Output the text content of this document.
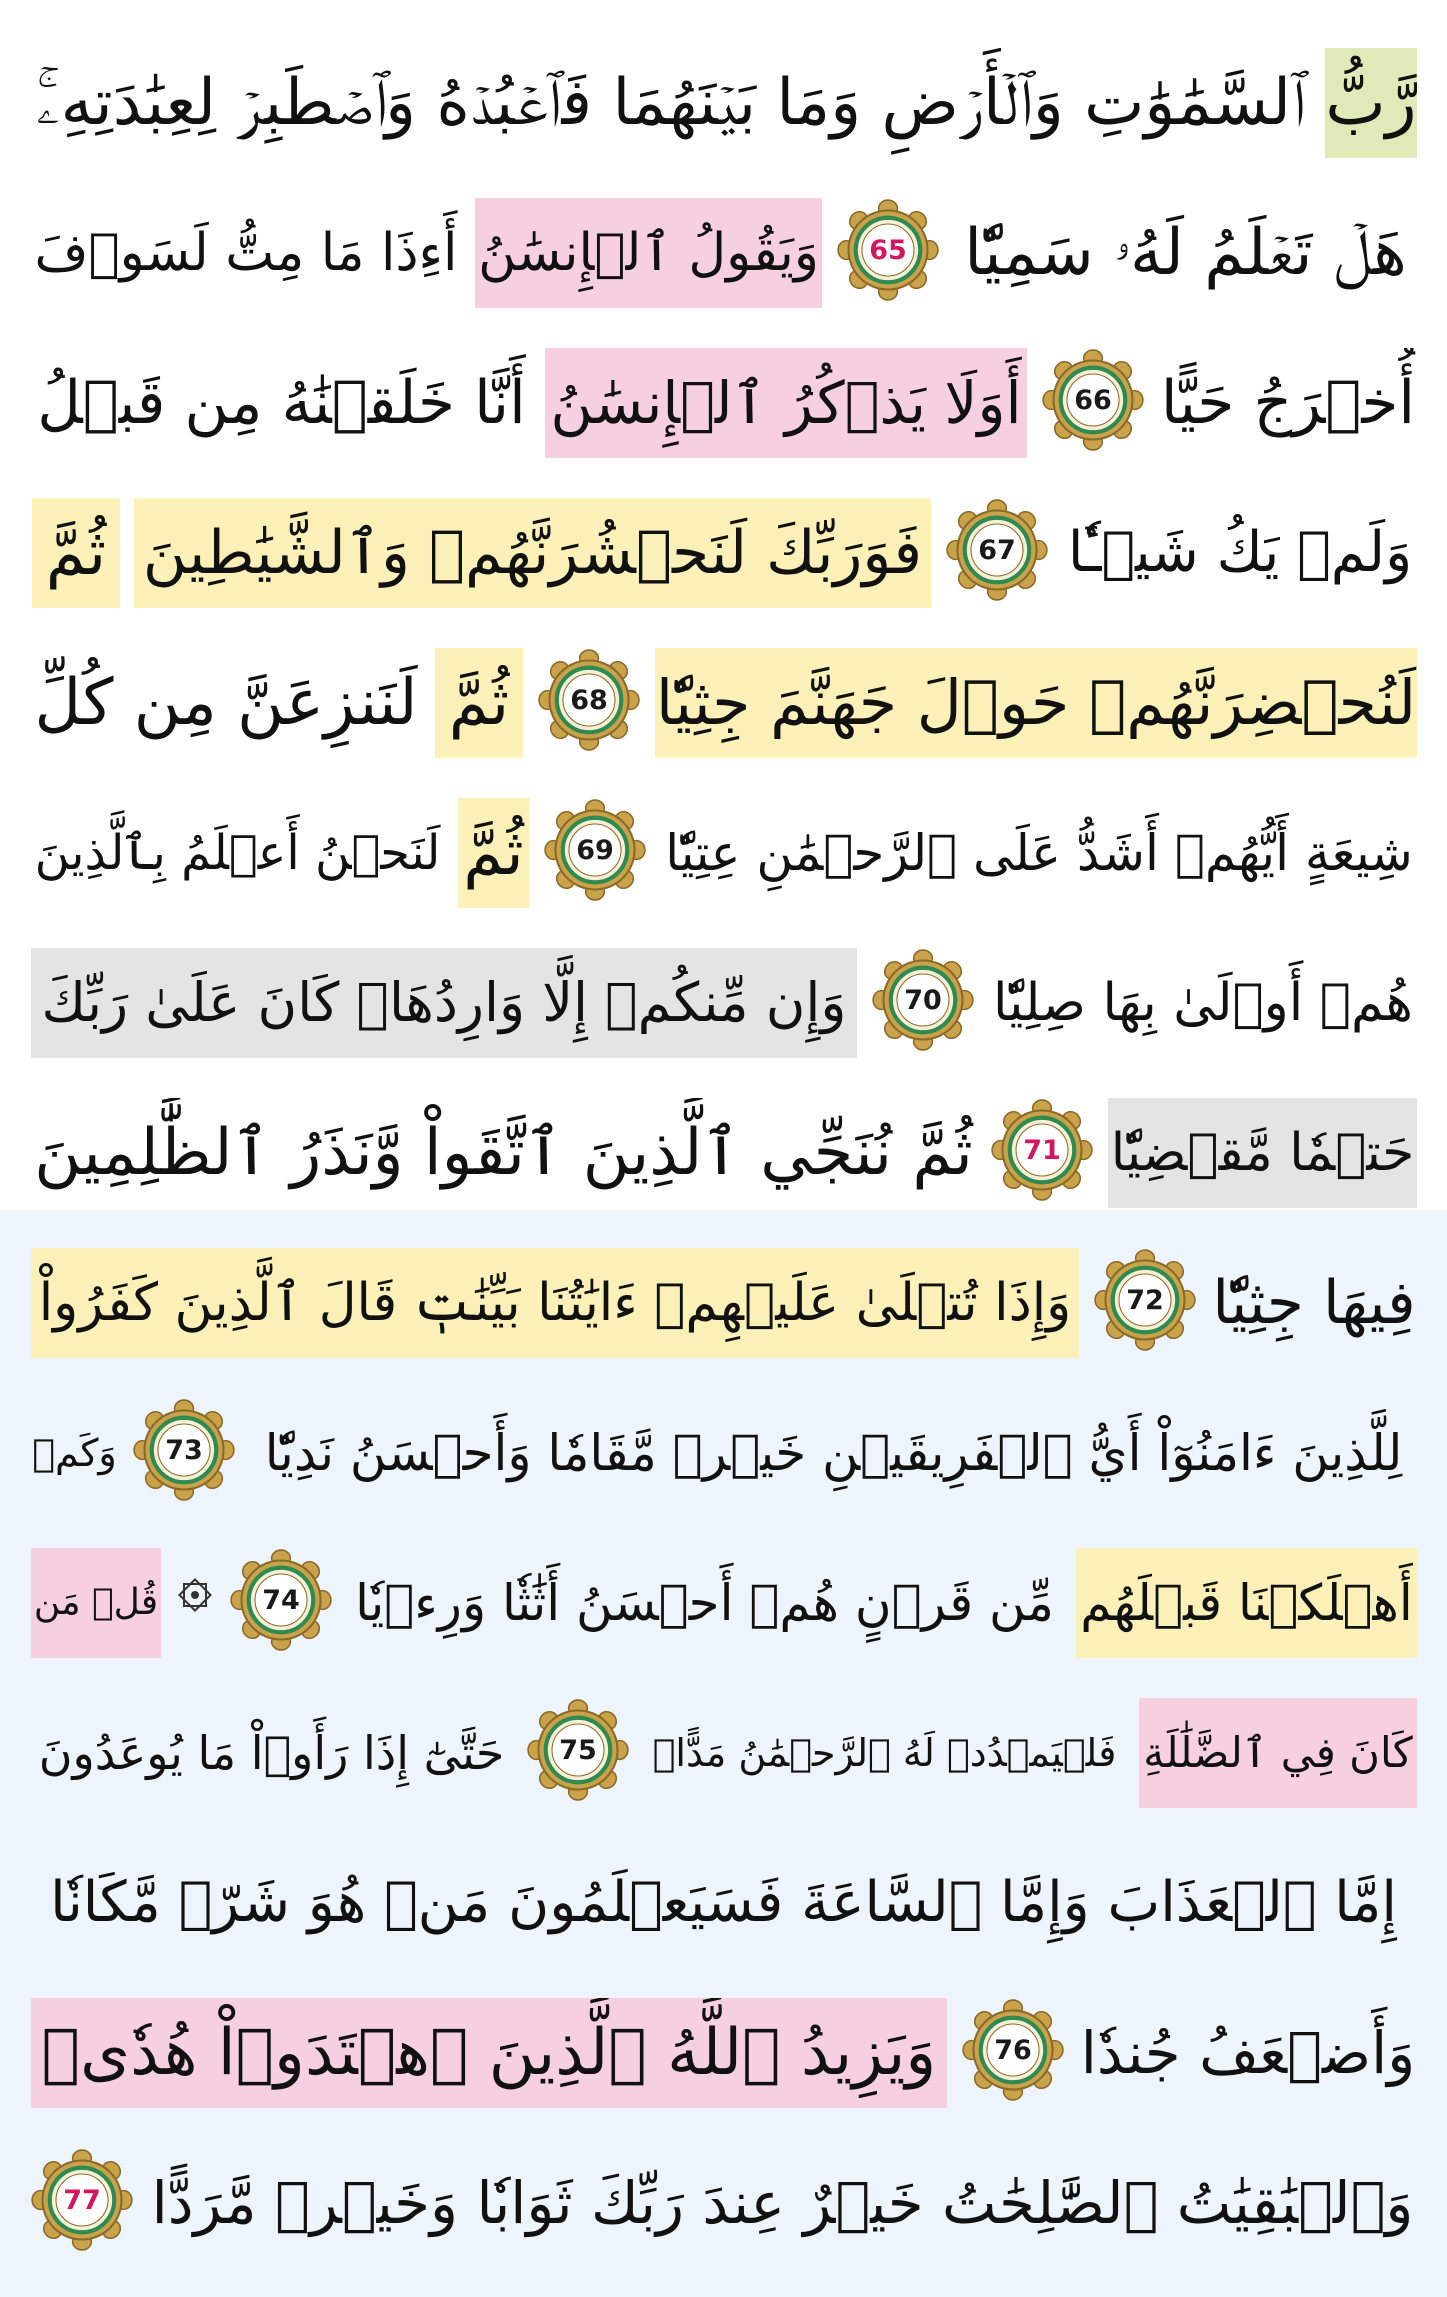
رَّبُّ
ٱلسَّمَٰوَٰتِ وَٱلۡأَرۡضِ وَمَا بَيۡنَهُمَا فَٱعۡبُدۡهُ وَٱصۡطَبِرۡ لِعِبَٰدَتِهِۦۚ
هَلۡ تَعۡلَمُ لَهُۥ سَمِيّٗا
65
وَيَقُولُ ٱلۡإِنسَٰنُ
أَءِذَا مَا مِتُّ لَسَوۡفَ
أُخۡرَجُ حَيًّا
66
أَوَلَا يَذۡكُرُ ٱلۡإِنسَٰنُ
أَنَّا خَلَقۡنَٰهُ مِن قَبۡلُ
وَلَمۡ يَكُ شَيۡـٔٗا
67
فَوَرَبِّكَ لَنَحۡشُرَنَّهُمۡ وَٱلشَّيَٰطِينَ
ثُمَّ
لَنُحۡضِرَنَّهُمۡ حَوۡلَ جَهَنَّمَ جِثِيّٗا
68
ثُمَّ
لَنَنزِعَنَّ مِن كُلِّ
شِيعَةٍ أَيُّهُمۡ أَشَدُّ عَلَى ٱلرَّحۡمَٰنِ عِتِيّٗا
69
ثُمَّ
لَنَحۡنُ أَعۡلَمُ بِٱلَّذِينَ
هُمۡ أَوۡلَىٰ بِهَا صِلِيّٗا
70
وَإِن مِّنكُمۡ إِلَّا وَارِدُهَاۚ كَانَ عَلَىٰ رَبِّكَ
حَتۡمٗا مَّقۡضِيّٗا
71
ثُمَّ نُنَجِّي ٱلَّذِينَ ٱتَّقَواْ وَّنَذَرُ ٱلظَّٰلِمِينَ
فِيهَا جِثِيّٗا
72
وَإِذَا تُتۡلَىٰ عَلَيۡهِمۡ ءَايَٰتُنَا بَيِّنَٰتٖ قَالَ ٱلَّذِينَ كَفَرُواْ
لِلَّذِينَ ءَامَنُوٓاْ أَيُّ ٱلۡفَرِيقَيۡنِ خَيۡرٞ مَّقَامٗا وَأَحۡسَنُ نَدِيّٗا
73
وَكَمۡ
أَهۡلَكۡنَا قَبۡلَهُم
مِّن قَرۡنٍ هُمۡ أَحۡسَنُ أَثَٰثٗا وَرِءۡيٗا
74
قُلۡ مَن
كَانَ فِي ٱلضَّلَٰلَةِ
فَلۡيَمۡدُدۡ لَهُ ٱلرَّحۡمَٰنُ مَدًّاۚ
75
حَتَّىٰٓ إِذَا رَأَوۡاْ مَا يُوعَدُونَ
إِمَّا ٱلۡعَذَابَ وَإِمَّا ٱلسَّاعَةَ فَسَيَعۡلَمُونَ مَنۡ هُوَ شَرّٞ مَّكَانٗا
وَأَضۡعَفُ جُندٗا
76
وَيَزِيدُ ٱللَّهُ ٱلَّذِينَ ٱهۡتَدَوۡاْ هُدٗىۗ
وَٱلۡبَٰقِيَٰتُ ٱلصَّٰلِحَٰتُ خَيۡرٌ عِندَ رَبِّكَ ثَوَابٗا وَخَيۡرٞ مَّرَدًّا
77
